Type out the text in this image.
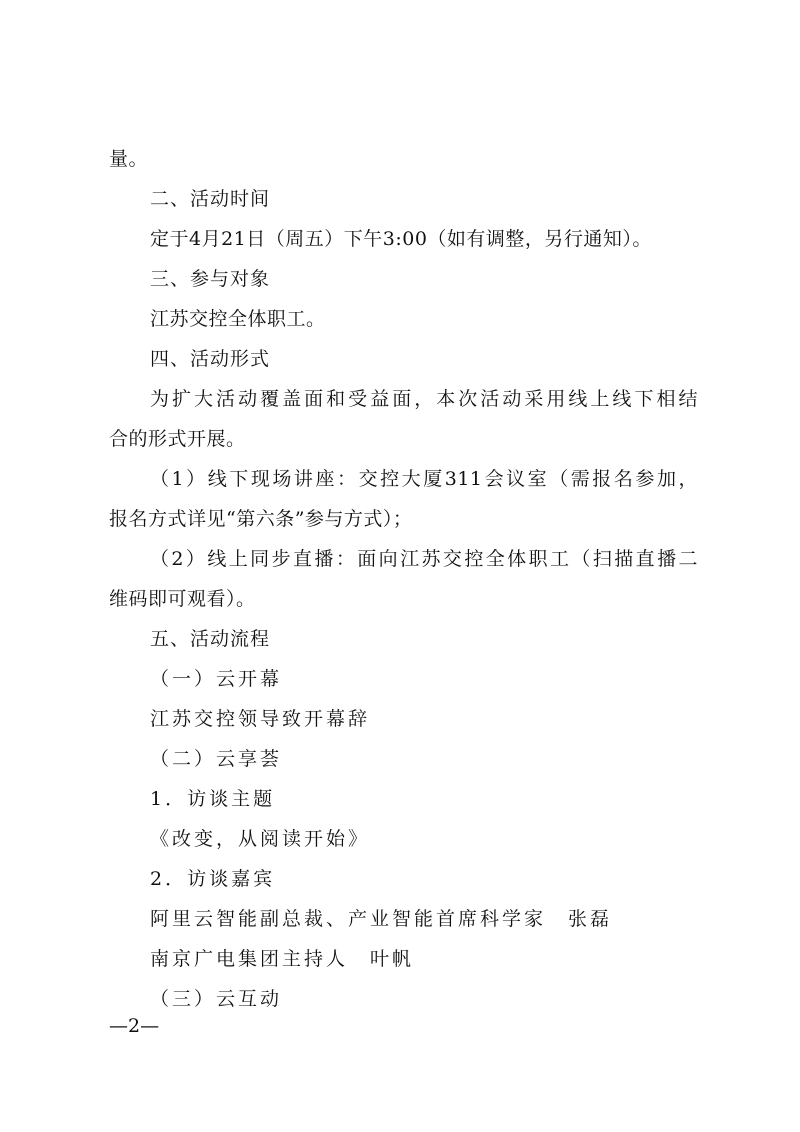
量。
二、活动时间
定于4月21日（周五）下午3:00（如有调整，另行通知）。
三、参与对象
江苏交控全体职工。
四、活动形式
为扩大活动覆盖面和受益面，本次活动采用线上线下相结
合的形式开展。
（1）线下现场讲座：交控大厦311会议室（需报名参加，
报名方式详见“第六条”参与方式）；
（2）线上同步直播：面向江苏交控全体职工（扫描直播二
维码即可观看）。
五、活动流程
（一）云开幕
江苏交控领导致开幕辞
（二）云享荟
1．访谈主题
《改变，从阅读开始》
2．访谈嘉宾
阿里云智能副总裁、产业智能首席科学家　张磊
南京广电集团主持人　叶帆
（三）云互动
—2—
